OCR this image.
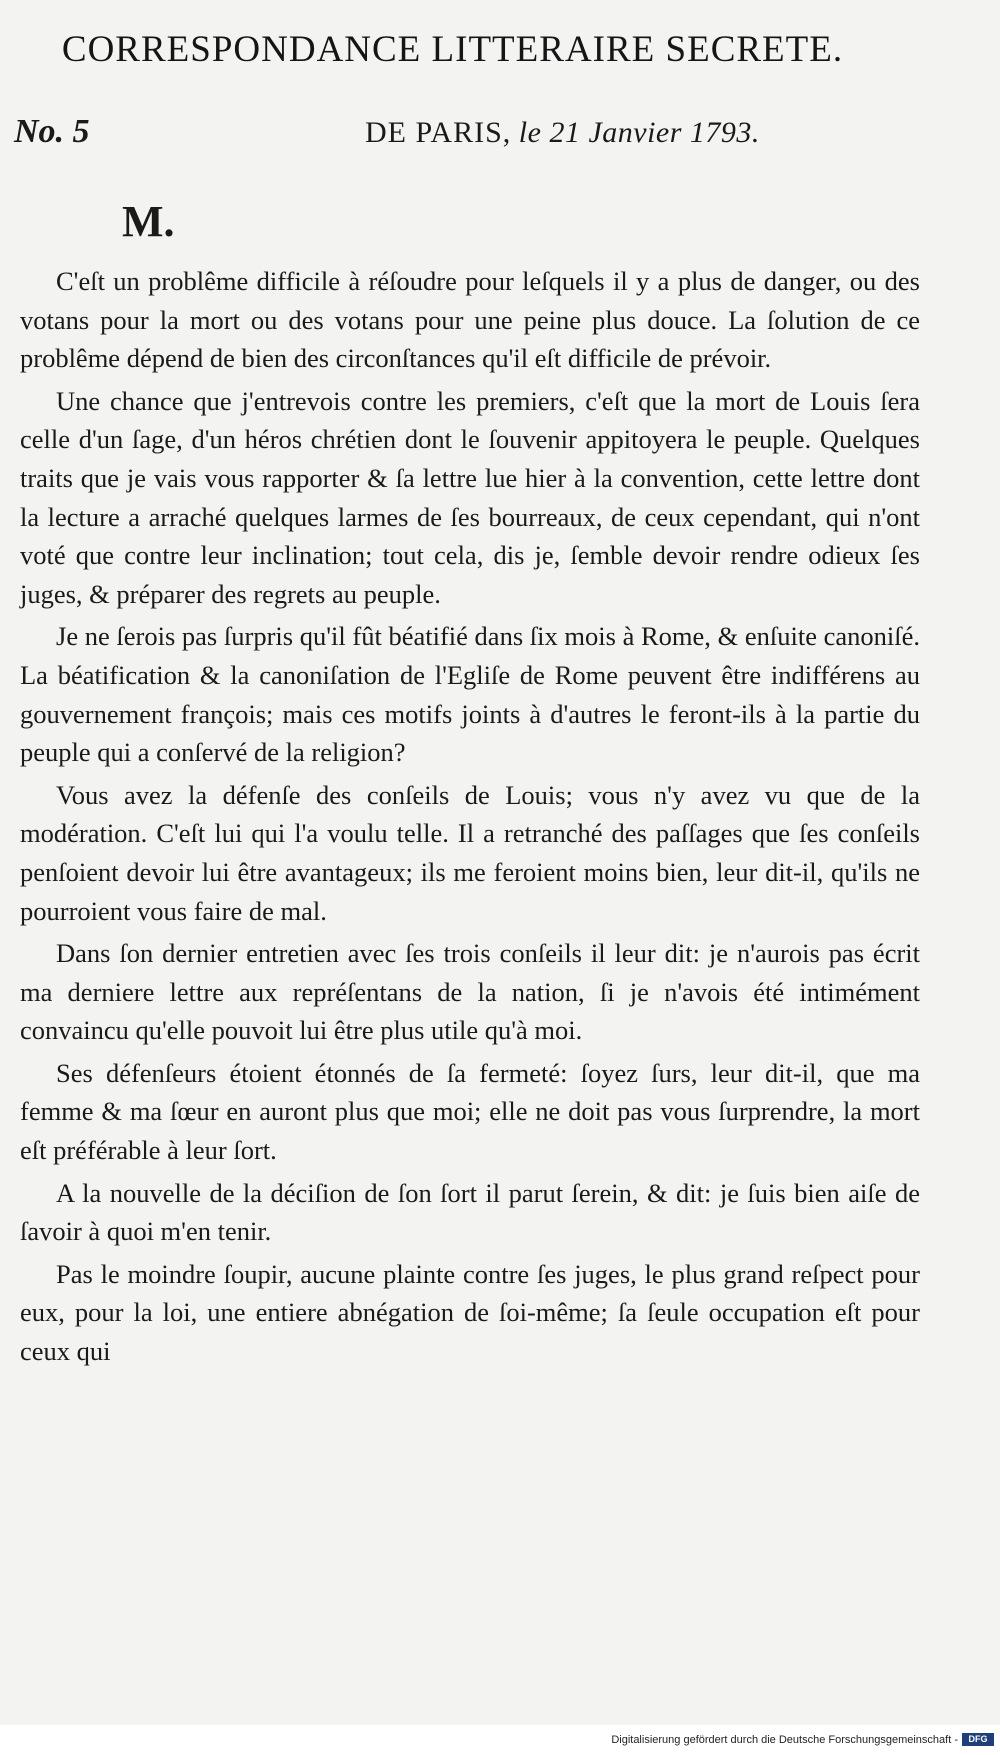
CORRESPONDANCE LITTERAIRE SECRETE.
No. 5	DE PARIS, le 21 Janvier 1793.
M.

C'eſt un problême difficile à réſoudre pour leſquels il y a plus de danger, ou des votans pour la mort ou des votans pour une peine plus douce. La ſolution de ce problême dépend de bien des circonſtances qu'il eſt difficile de prévoir.

Une chance que j'entrevois contre les premiers, c'eſt que la mort de Louis ſera celle d'un ſage, d'un héros chrétien dont le ſouvenir appitoyera le peuple. Quelques traits que je vais vous rapporter & ſa lettre lue hier à la convention, cette lettre dont la lecture a arraché quelques larmes de ſes bourreaux, de ceux cependant, qui n'ont voté que contre leur inclination; tout cela, dis je, ſemble devoir rendre odieux ſes juges, & préparer des regrets au peuple.

Je ne ſerois pas ſurpris qu'il fût béatifié dans ſix mois à Rome, & enſuite canoniſé. La béatification & la canoniſation de l'Egliſe de Rome peuvent être indifférens au gouvernement françois; mais ces motifs joints à d'autres le feront-ils à la partie du peuple qui a conſervé de la religion?

Vous avez la défenſe des conſeils de Louis; vous n'y avez vu que de la modération. C'eſt lui qui l'a voulu telle. Il a retranché des paſſages que ſes conſeils penſoient devoir lui être avantageux; ils me feroient moins bien, leur dit-il, qu'ils ne pourroient vous faire de mal.

Dans ſon dernier entretien avec ſes trois conſeils il leur dit: je n'aurois pas écrit ma derniere lettre aux repréſentans de la nation, ſi je n'avois été intimément convaincu qu'elle pouvoit lui être plus utile qu'à moi.

Ses défenſeurs étoient étonnés de ſa fermeté: ſoyez ſurs, leur dit-il, que ma femme & ma ſœur en auront plus que moi; elle ne doit pas vous ſurprendre, la mort eſt préférable à leur ſort.

A la nouvelle de la déciſion de ſon ſort il parut ſerein, & dit: je ſuis bien aiſe de ſavoir à quoi m'en tenir.

Pas le moindre ſoupir, aucune plainte contre ſes juges, le plus grand reſpect pour eux, pour la loi, une entiere abnégation de ſoi-même; ſa ſeule occupation eſt pour ceux qui

Digitalisierung gefördert durch die Deutsche Forschungsgemeinschaft -	DFG
